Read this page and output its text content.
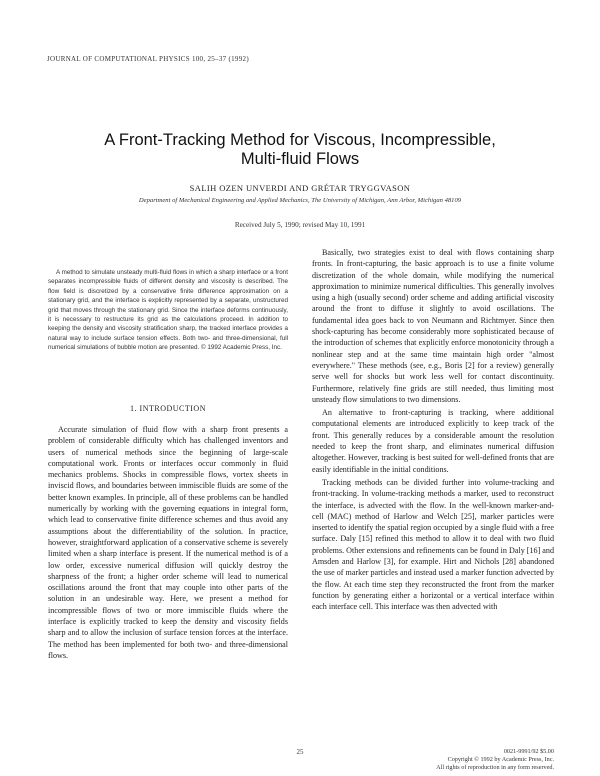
JOURNAL OF COMPUTATIONAL PHYSICS 100, 25–37 (1992)
A Front-Tracking Method for Viscous, Incompressible,
Multi-fluid Flows
SALIH OZEN UNVERDI AND GRÉTAR TRYGGVASON
Department of Mechanical Engineering and Applied Mechanics, The University of Michigan, Ann Arbor, Michigan 48109
Received July 5, 1990; revised May 10, 1991

A method to simulate unsteady multi-fluid flows in which a sharp interface or a front separates incompressible fluids of different density and viscosity is described. The flow field is discretized by a conservative finite difference approximation on a stationary grid, and the interface is explicitly represented by a separate, unstructured grid that moves through the stationary grid. Since the interface deforms continuously, it is necessary to restructure its grid as the calculations proceed. In addition to keeping the density and viscosity stratification sharp, the tracked interface provides a natural way to include surface tension effects. Both two- and three-dimensional, full numerical simulations of bubble motion are presented. © 1992 Academic Press, Inc.

1. INTRODUCTION

Accurate simulation of fluid flow with a sharp front presents a problem of considerable difficulty which has challenged inventors and users of numerical methods since the beginning of large-scale computational work. Fronts or interfaces occur commonly in fluid mechanics problems. Shocks in compressible flows, vortex sheets in inviscid flows, and boundaries between immiscible fluids are some of the better known examples. In principle, all of these problems can be handled numerically by working with the governing equations in integral form, which lead to conservative finite difference schemes and thus avoid any assumptions about the differentiability of the solution. In practice, however, straightforward application of a conservative scheme is severely limited when a sharp interface is present. If the numerical method is of a low order, excessive numerical diffusion will quickly destroy the sharpness of the front; a higher order scheme will lead to numerical oscillations around the front that may couple into other parts of the solution in an undesirable way. Here, we present a method for incompressible flows of two or more immiscible fluids where the interface is explicitly tracked to keep the density and viscosity fields sharp and to allow the inclusion of surface tension forces at the interface. The method has been implemented for both two- and three-dimensional flows.

Basically, two strategies exist to deal with flows containing sharp fronts. In front-capturing, the basic approach is to use a finite volume discretization of the whole domain, while modifying the numerical approximation to minimize numerical difficulties. This generally involves using a high (usually second) order scheme and adding artificial viscosity around the front to diffuse it slightly to avoid oscillations. The fundamental idea goes back to von Neumann and Richtmyer. Since then shock-capturing has become considerably more sophisticated because of the introduction of schemes that explicitly enforce monotonicity through a nonlinear step and at the same time maintain high order "almost everywhere." These methods (see, e.g., Boris [2] for a review) generally serve well for shocks but work less well for contact discontinuity. Furthermore, relatively fine grids are still needed, thus limiting most unsteady flow simulations to two dimensions.

An alternative to front-capturing is tracking, where additional computational elements are introduced explicitly to keep track of the front. This generally reduces by a considerable amount the resolution needed to keep the front sharp, and eliminates numerical diffusion altogether. However, tracking is best suited for well-defined fronts that are easily identifiable in the initial conditions.

Tracking methods can be divided further into volume-tracking and front-tracking. In volume-tracking methods a marker, used to reconstruct the interface, is advected with the flow. In the well-known marker-and-cell (MAC) method of Harlow and Welch [25], marker particles were inserted to identify the spatial region occupied by a single fluid with a free surface. Daly [15] refined this method to allow it to deal with two fluid problems. Other extensions and refinements can be found in Daly [16] and Amsden and Harlow [3], for example. Hirt and Nichols [28] abandoned the use of marker particles and instead used a marker function advected by the flow. At each time step they reconstructed the front from the marker function by generating either a horizontal or a vertical interface within each interface cell. This interface was then advected with

25	0021-9991/92 $5.00
Copyright © 1992 by Academic Press, Inc.
All rights of reproduction in any form reserved.
